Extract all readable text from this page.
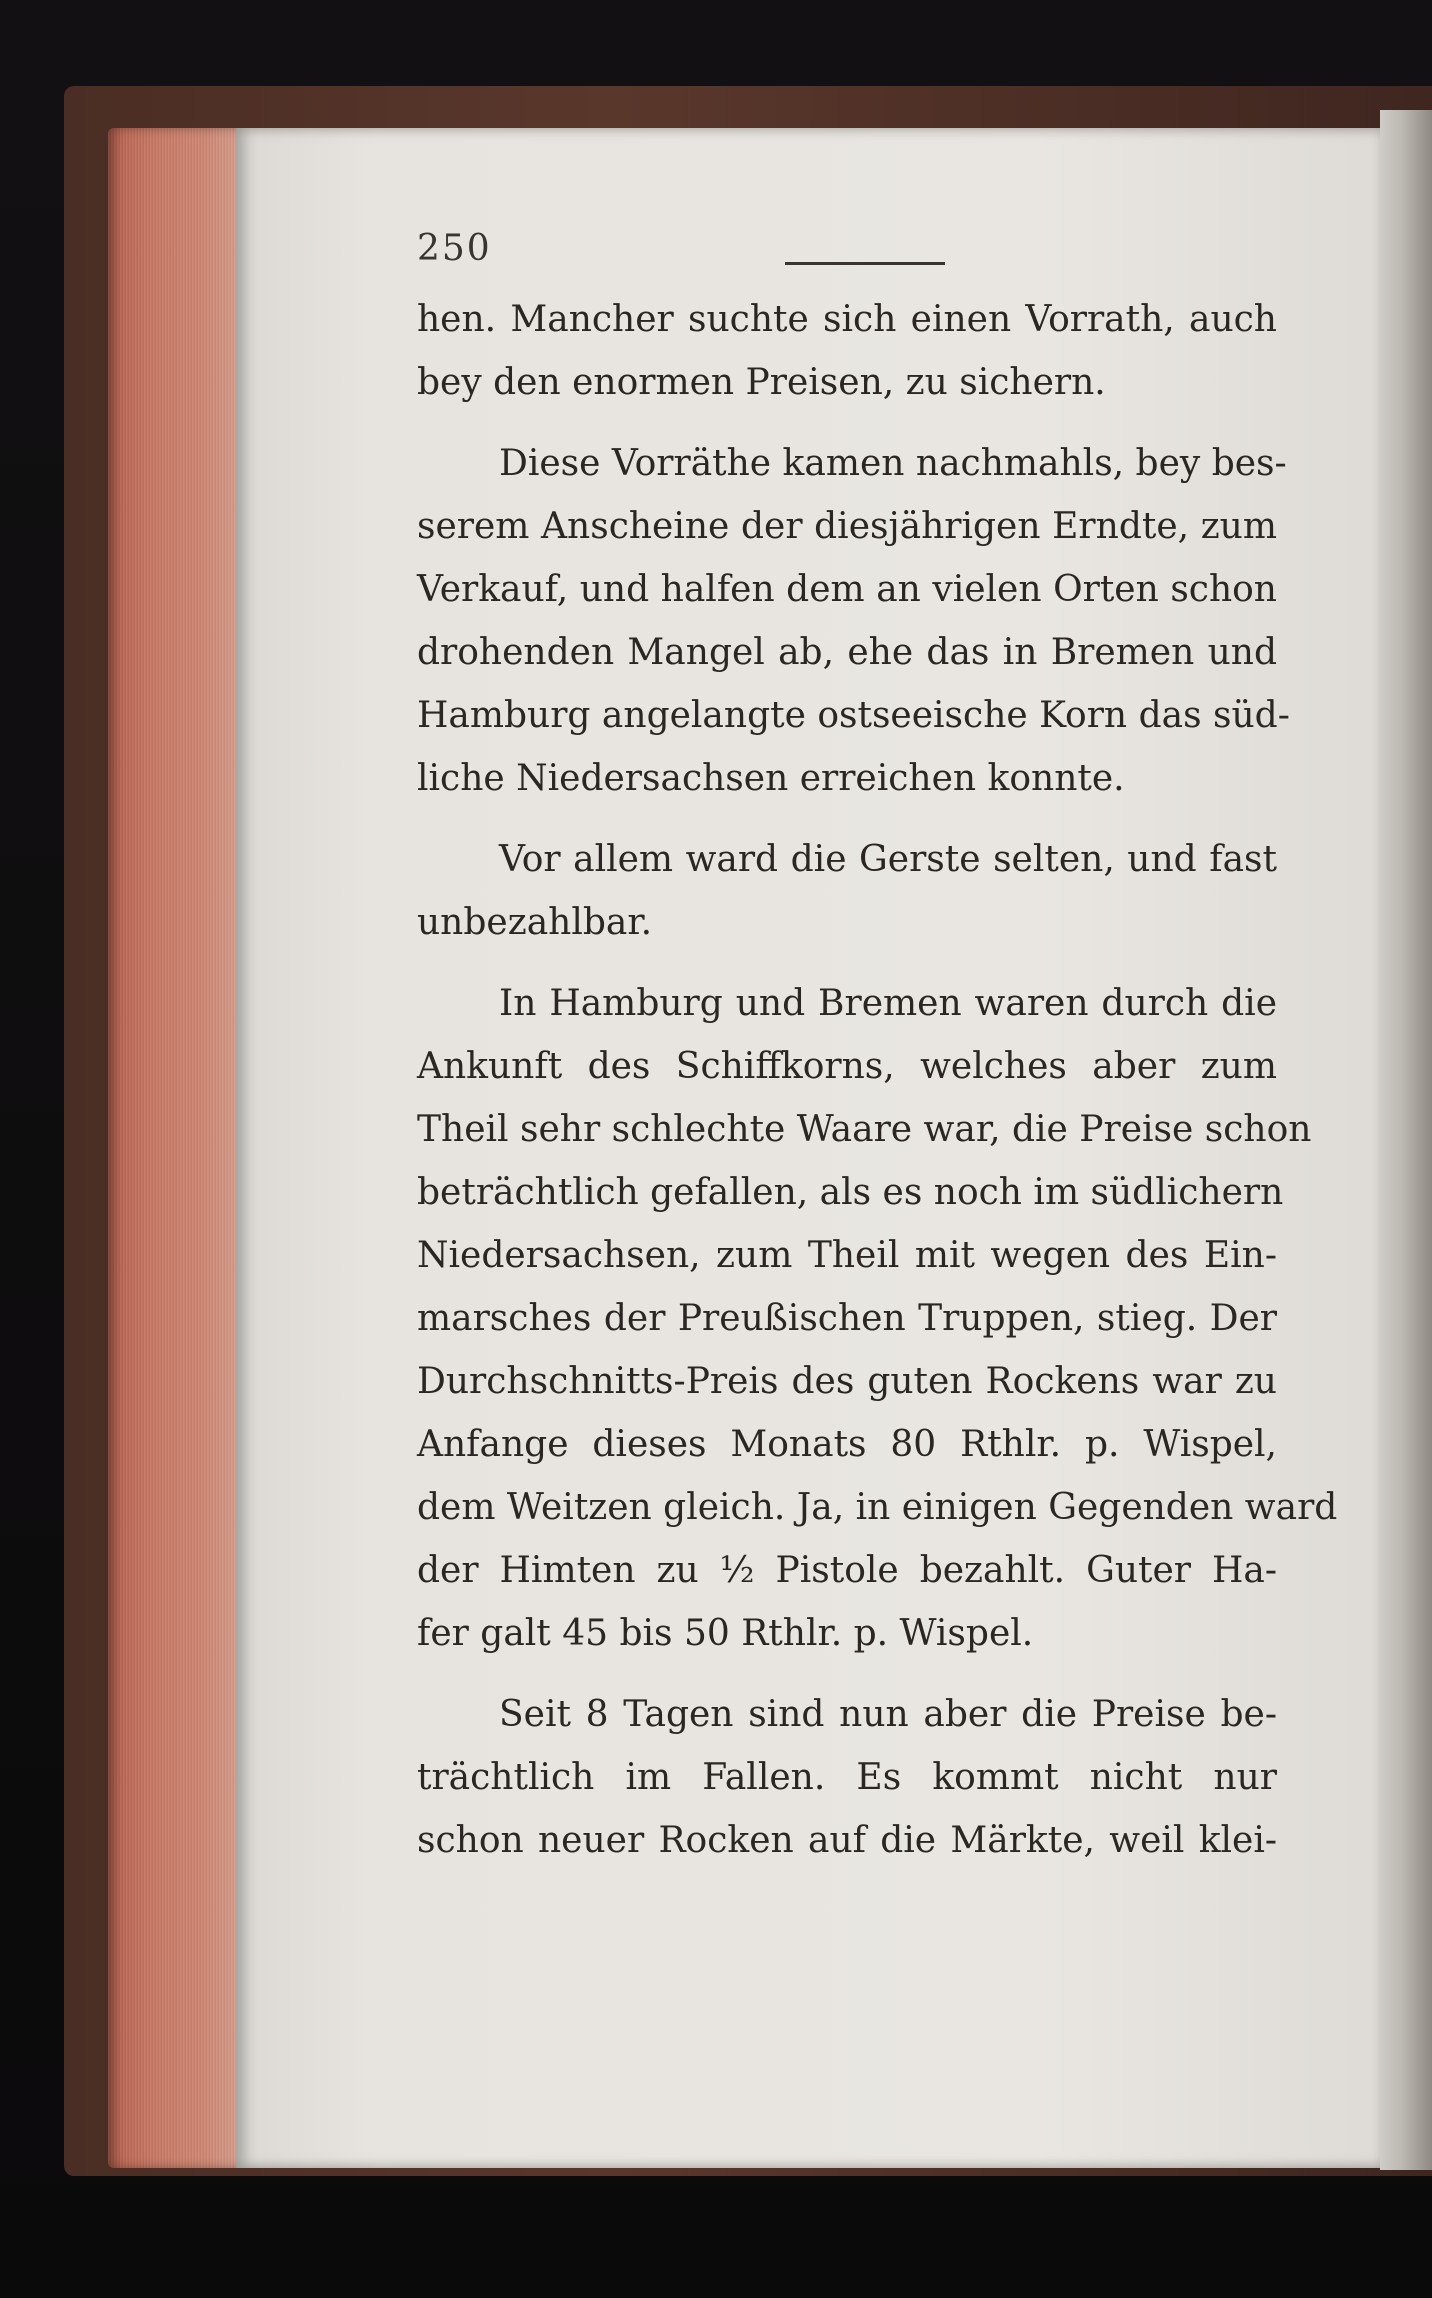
250
hen. Mancher suchte sich einen Vorrath, auch
bey den enormen Preisen, zu sichern.
Diese Vorräthe kamen nachmahls, bey bes-
serem Anscheine der diesjährigen Erndte, zum
Verkauf, und halfen dem an vielen Orten schon
drohenden Mangel ab, ehe das in Bremen und
Hamburg angelangte ostseeische Korn das süd-
liche Niedersachsen erreichen konnte.
Vor allem ward die Gerste selten, und fast
unbezahlbar.
In Hamburg und Bremen waren durch die
Ankunft des Schiffkorns, welches aber zum
Theil sehr schlechte Waare war, die Preise schon
beträchtlich gefallen, als es noch im südlichern
Niedersachsen, zum Theil mit wegen des Ein-
marsches der Preußischen Truppen, stieg. Der
Durchschnitts-Preis des guten Rockens war zu
Anfange dieses Monats 80 Rthlr. p. Wispel,
dem Weitzen gleich. Ja, in einigen Gegenden ward
der Himten zu ½ Pistole bezahlt. Guter Ha-
fer galt 45 bis 50 Rthlr. p. Wispel.
Seit 8 Tagen sind nun aber die Preise be-
trächtlich im Fallen. Es kommt nicht nur
schon neuer Rocken auf die Märkte, weil klei-
